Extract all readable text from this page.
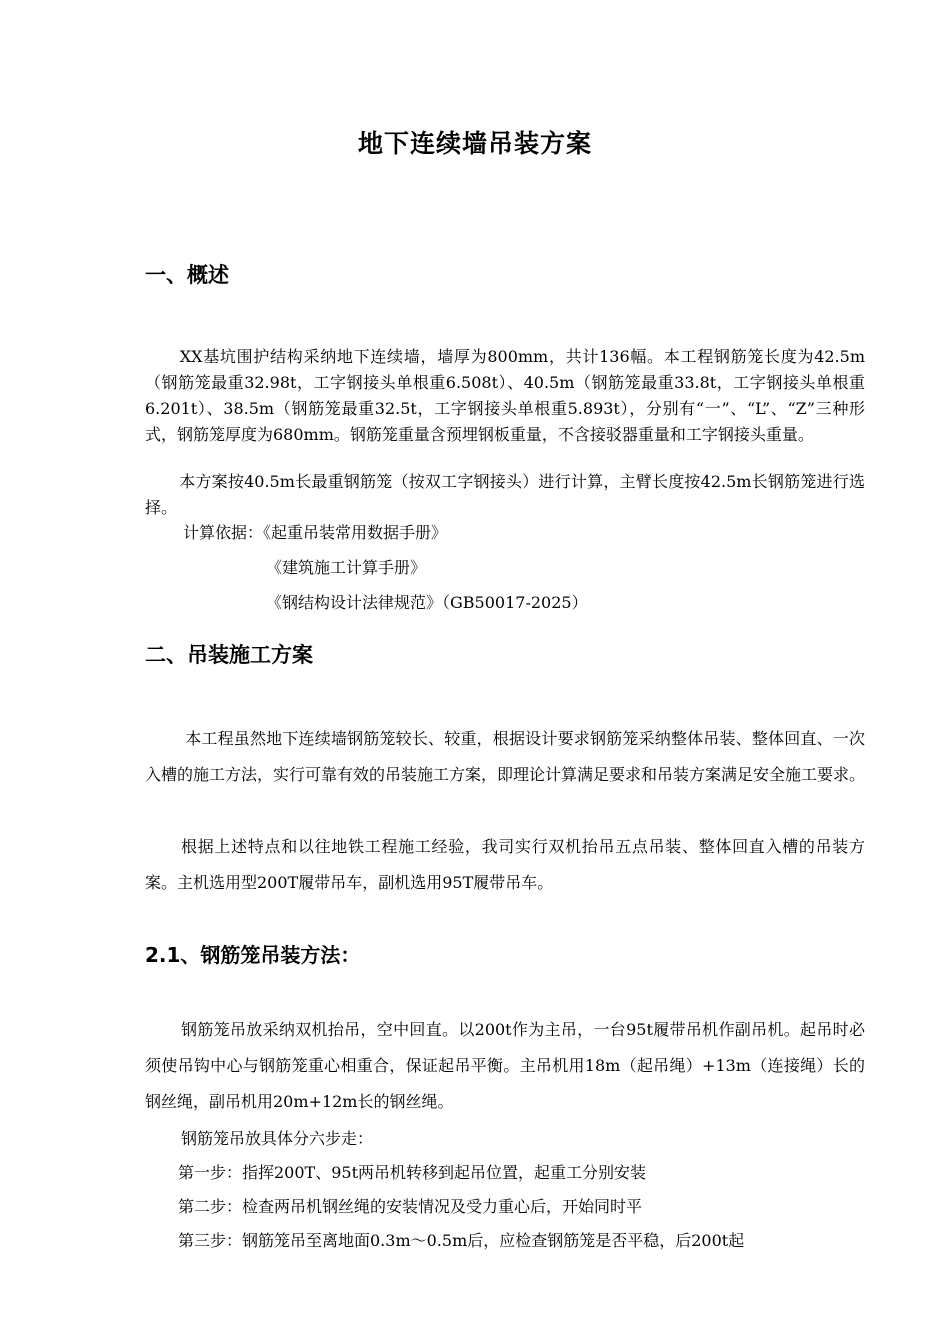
地下连续墙吊装方案
一、概述
　XX基坑围护结构采纳地下连续墙，墙厚为800mm，共计136幅。本工程钢筋笼长度为42.5m（钢筋笼最重32.98t，工字钢接头单根重6.508t）、40.5m（钢筋笼最重33.8t，工字钢接头单根重6.201t）、38.5m（钢筋笼最重32.5t，工字钢接头单根重5.893t），分别有“一”、“L”、“Z”三种形式，钢筋笼厚度为680mm。钢筋笼重量含预埋钢板重量，不含接驳器重量和工字钢接头重量。
　本方案按40.5m长最重钢筋笼（按双工字钢接头）进行计算，主臂长度按42.5m长钢筋笼进行选择。
计算依据：《起重吊装常用数据手册》
《建筑施工计算手册》
《钢结构设计法律规范》（GB50017-2025）
二、吊装施工方案
　本工程虽然地下连续墙钢筋笼较长、较重，根据设计要求钢筋笼采纳整体吊装、整体回直、一次入槽的施工方法，实行可靠有效的吊装施工方案，即理论计算满足要求和吊装方案满足安全施工要求。
根据上述特点和以往地铁工程施工经验，我司实行双机抬吊五点吊装、整体回直入槽的吊装方案。主机选用型200T履带吊车，副机选用95T履带吊车。
2.1、钢筋笼吊装方法：
钢筋笼吊放采纳双机抬吊，空中回直。以200t作为主吊，一台95t履带吊机作副吊机。起吊时必须使吊钩中心与钢筋笼重心相重合，保证起吊平衡。主吊机用18m（起吊绳）+13m（连接绳）长的钢丝绳，副吊机用20m+12m长的钢丝绳。
钢筋笼吊放具体分六步走：
第一步：指挥200T、95t两吊机转移到起吊位置，起重工分别安装
第二步：检查两吊机钢丝绳的安装情况及受力重心后，开始同时平
第三步：钢筋笼吊至离地面0.3m～0.5m后，应检查钢筋笼是否平稳，后200t起
